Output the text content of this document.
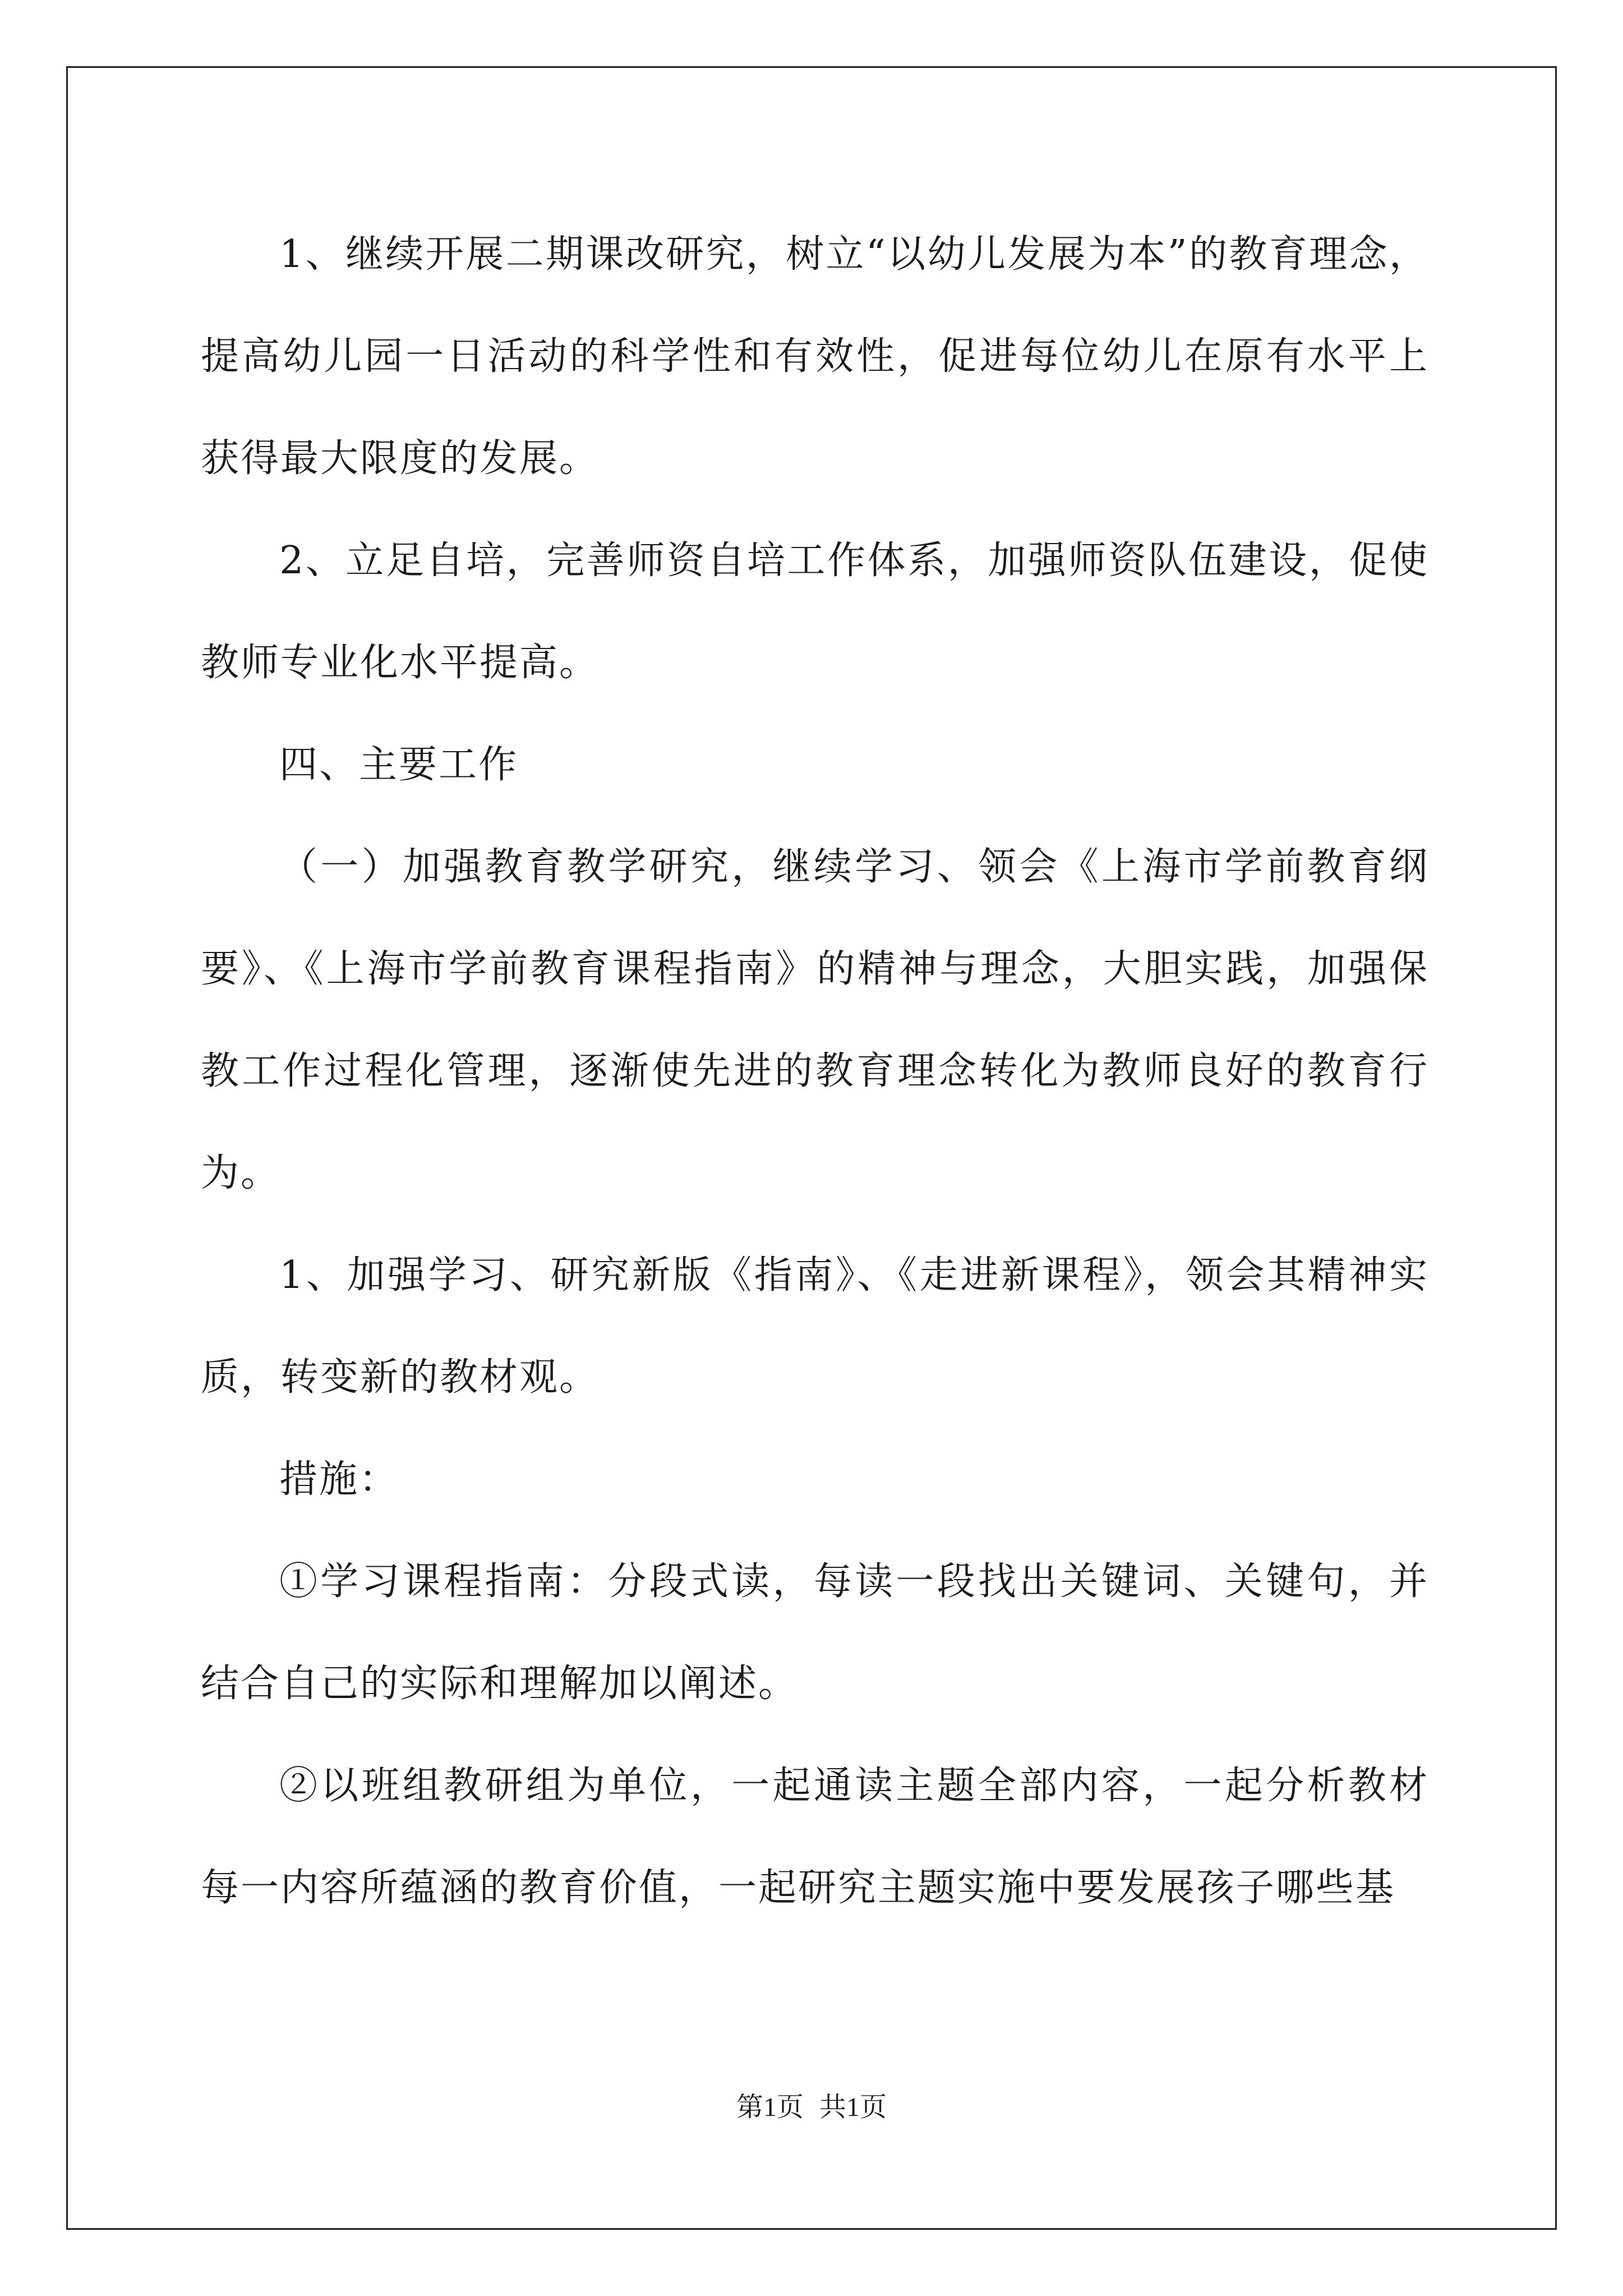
1、继续开展二期课改研究，树立“以幼儿发展为本”的教育理念，提高幼儿园一日活动的科学性和有效性，促进每位幼儿在原有水平上获得最大限度的发展。

2、立足自培，完善师资自培工作体系，加强师资队伍建设，促使教师专业化水平提高。

四、主要工作

（一）加强教育教学研究，继续学习、领会《上海市学前教育纲要》、《上海市学前教育课程指南》的精神与理念，大胆实践，加强保教工作过程化管理，逐渐使先进的教育理念转化为教师良好的教育行为。

1、加强学习、研究新版《指南》、《走进新课程》，领会其精神实质，转变新的教材观。

措施：

①学习课程指南：分段式读，每读一段找出关键词、关键句，并结合自己的实际和理解加以阐述。

②以班组教研组为单位，一起通读主题全部内容，一起分析教材每一内容所蕴涵的教育价值，一起研究主题实施中要发展孩子哪些基

第1页 共1页
